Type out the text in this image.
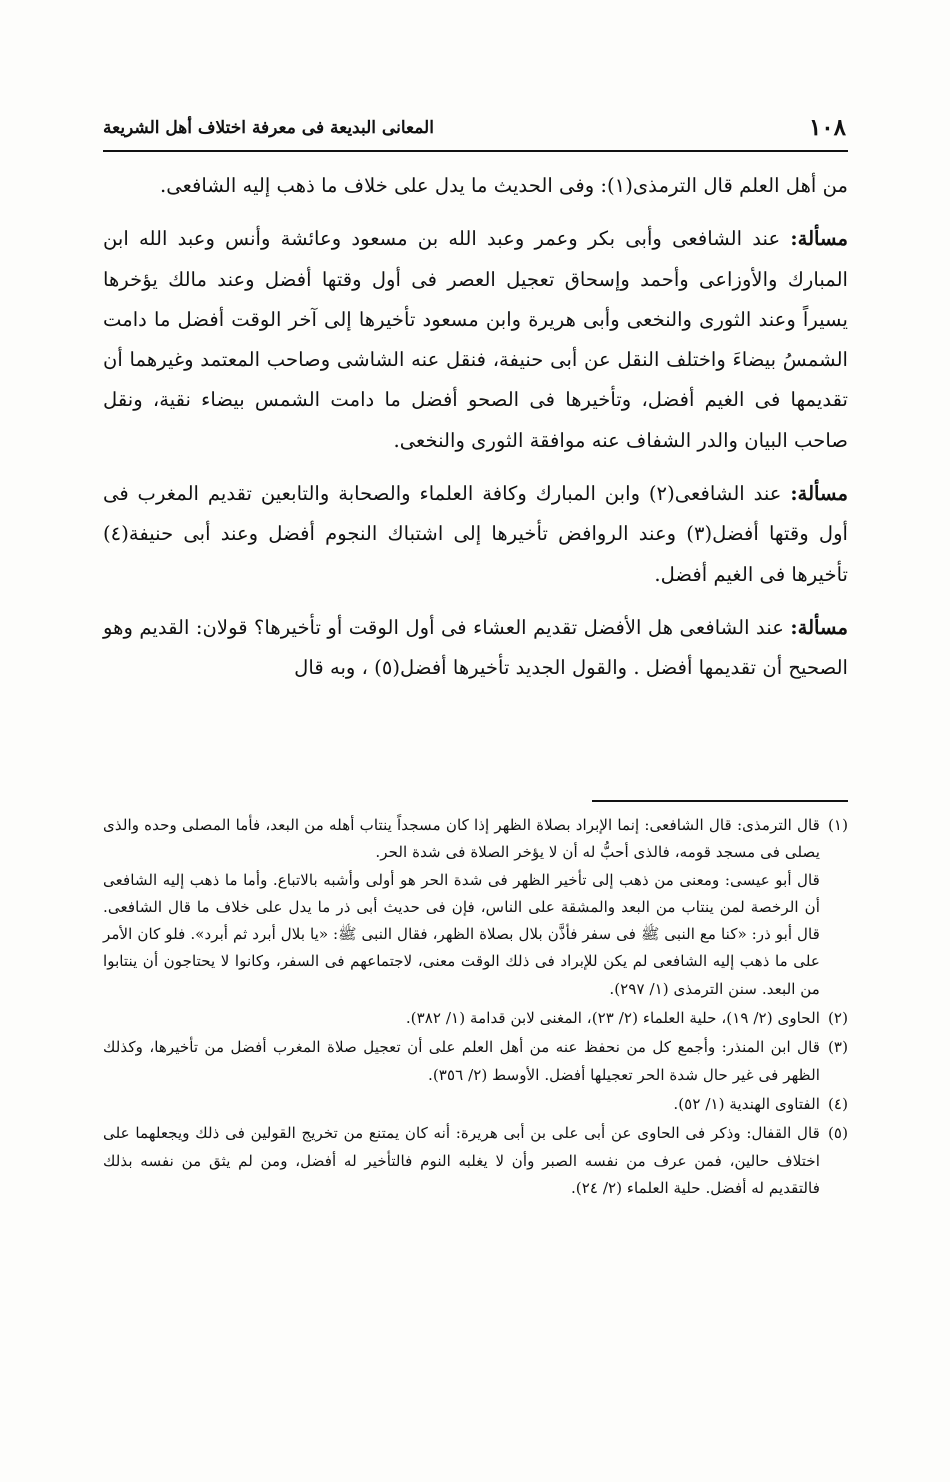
١٠٨
المعانى البديعة فى معرفة اختلاف أهل الشريعة

من أهل العلم قال الترمذى(١): وفى الحديث ما يدل على خلاف ما ذهب إليه الشافعى.

مسألة: عند الشافعى وأبى بكر وعمر وعبد الله بن مسعود وعائشة وأنس وعبد الله ابن المبارك والأوزاعى وأحمد وإسحاق تعجيل العصر فى أول وقتها أفضل وعند مالك يؤخرها يسيراً وعند الثورى والنخعى وأبى هريرة وابن مسعود تأخيرها إلى آخر الوقت أفضل ما دامت الشمسُ بيضاءَ واختلف النقل عن أبى حنيفة، فنقل عنه الشاشى وصاحب المعتمد وغيرهما أن تقديمها فى الغيم أفضل، وتأخيرها فى الصحو أفضل ما دامت الشمس بيضاء نقية، ونقل صاحب البيان والدر الشفاف عنه موافقة الثورى والنخعى.

مسألة: عند الشافعى(٢) وابن المبارك وكافة العلماء والصحابة والتابعين تقديم المغرب فى أول وقتها أفضل(٣) وعند الروافض تأخيرها إلى اشتباك النجوم أفضل وعند أبى حنيفة(٤) تأخيرها فى الغيم أفضل.

مسألة: عند الشافعى هل الأفضل تقديم العشاء فى أول الوقت أو تأخيرها؟ قولان: القديم وهو الصحيح أن تقديمها أفضل . والقول الجديد تأخيرها أفضل(٥) ، وبه قال

(١)

قال الترمذى: قال الشافعى: إنما الإبراد بصلاة الظهر إذا كان مسجداً ينتاب أهله من البعد، فأما المصلى وحده والذى يصلى فى مسجد قومه، فالذى أحبُّ له أن لا يؤخر الصلاة فى شدة الحر.

قال أبو عيسى: ومعنى من ذهب إلى تأخير الظهر فى شدة الحر هو أولى وأشبه بالاتباع. وأما ما ذهب إليه الشافعى أن الرخصة لمن ينتاب من البعد والمشقة على الناس، فإن فى حديث أبى ذر ما يدل على خلاف ما قال الشافعى. قال أبو ذر: «كنا مع النبى ﷺ فى سفر فأذَّن بلال بصلاة الظهر، فقال النبى ﷺ: «يا بلال أبرد ثم أبرد». فلو كان الأمر على ما ذهب إليه الشافعى لم يكن للإبراد فى ذلك الوقت معنى، لاجتماعهم فى السفر، وكانوا لا يحتاجون أن ينتابوا من البعد. سنن الترمذى (١/ ٢٩٧).

(٢)

الحاوى (٢/ ١٩)، حلية العلماء (٢/ ٢٣)، المغنى لابن قدامة (١/ ٣٨٢).

(٣)

قال ابن المنذر: وأجمع كل من نحفظ عنه من أهل العلم على أن تعجيل صلاة المغرب أفضل من تأخيرها، وكذلك الظهر فى غير حال شدة الحر تعجيلها أفضل. الأوسط (٢/ ٣٥٦).

(٤)

الفتاوى الهندية (١/ ٥٢).

(٥)

قال القفال: وذكر فى الحاوى عن أبى على بن أبى هريرة: أنه كان يمتنع من تخريج القولين فى ذلك ويجعلهما على اختلاف حالين، فمن عرف من نفسه الصبر وأن لا يغلبه النوم فالتأخير له أفضل، ومن لم يثق من نفسه بذلك فالتقديم له أفضل. حلية العلماء (٢/ ٢٤).
